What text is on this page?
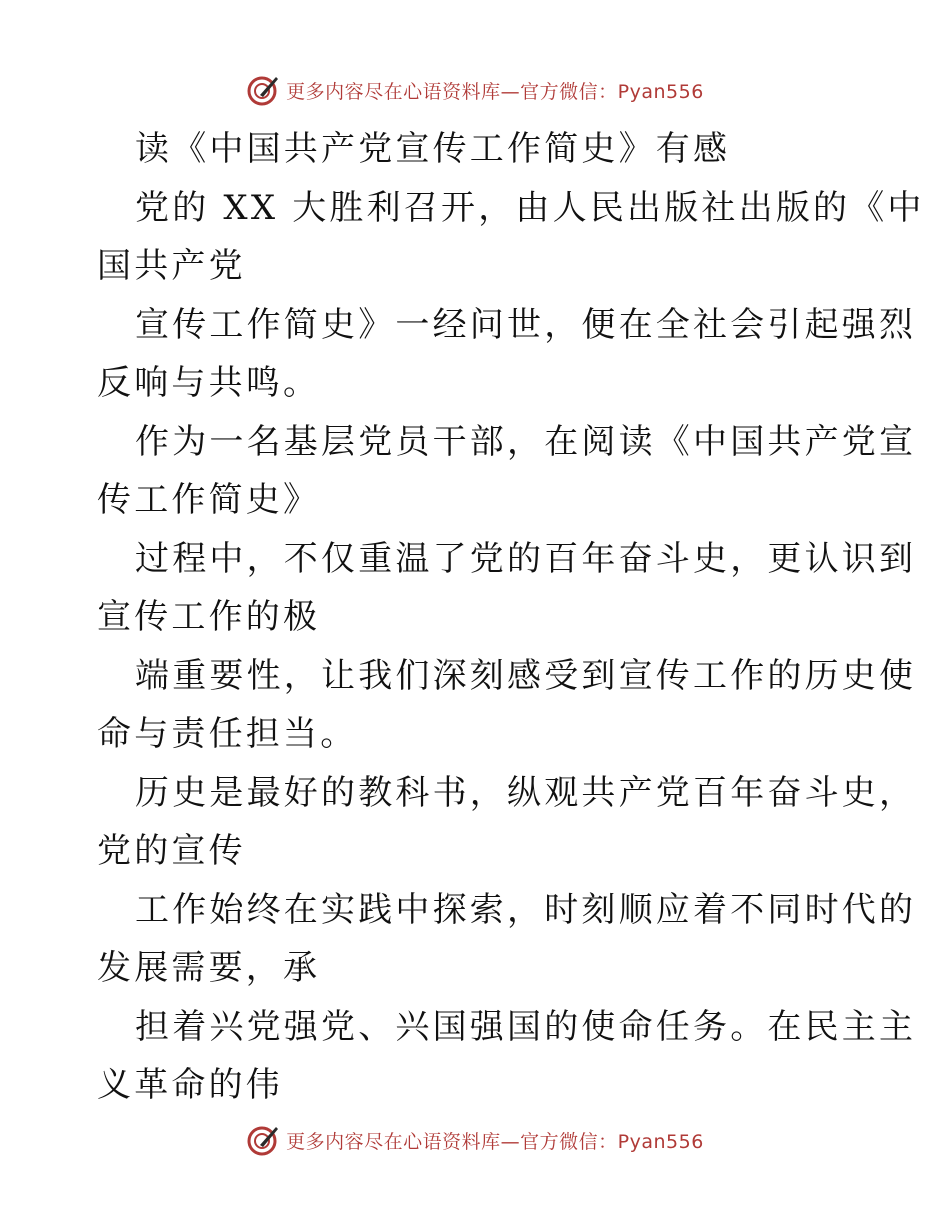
更多内容尽在心语资料库—官方微信：Pyan556
读《中国共产党宣传工作简史》有感
党的 XX 大胜利召开，由人民出版社出版的《中
国共产党
宣传工作简史》一经问世，便在全社会引起强烈
反响与共鸣。
作为一名基层党员干部，在阅读《中国共产党宣
传工作简史》
过程中，不仅重温了党的百年奋斗史，更认识到
宣传工作的极
端重要性，让我们深刻感受到宣传工作的历史使
命与责任担当。
历史是最好的教科书，纵观共产党百年奋斗史，
党的宣传
工作始终在实践中探索，时刻顺应着不同时代的
发展需要，承
担着兴党强党、兴国强国的使命任务。在民主主
义革命的伟
更多内容尽在心语资料库—官方微信：Pyan556
